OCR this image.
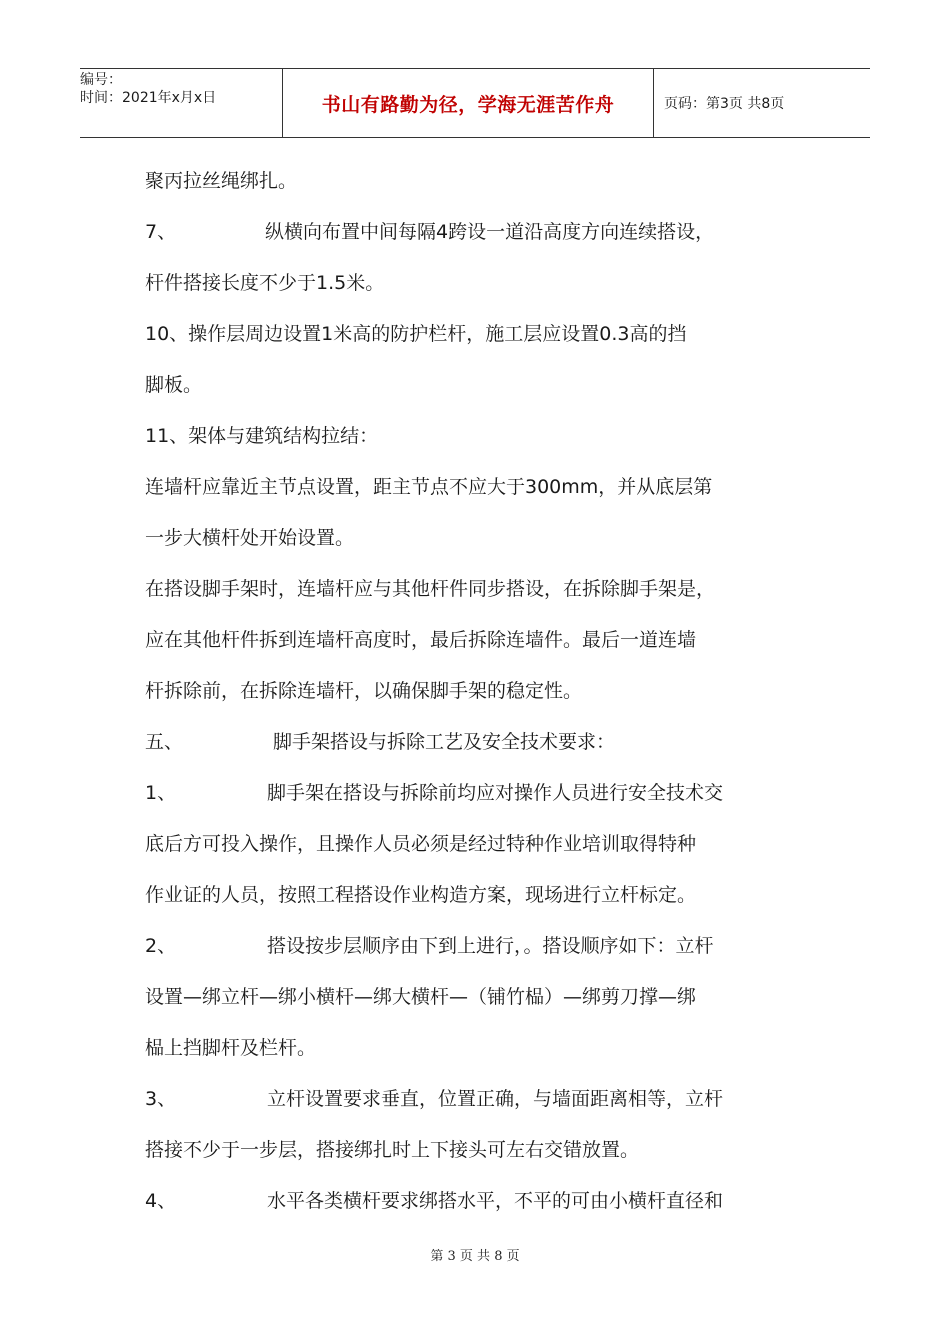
编号：
时间：2021年x月x日	书山有路勤为径，学海无涯苦作舟	页码：第3页 共8页
聚丙拉丝绳绑扎。
7、	纵横向布置中间每隔4跨设一道沿高度方向连续搭设，
杆件搭接长度不少于1.5米。
10、操作层周边设置1米高的防护栏杆，施工层应设置0.3高的挡
脚板。
11、架体与建筑结构拉结：
连墙杆应靠近主节点设置，距主节点不应大于300mm，并从底层第
一步大横杆处开始设置。
在搭设脚手架时，连墙杆应与其他杆件同步搭设，在拆除脚手架是，
应在其他杆件拆到连墙杆高度时，最后拆除连墙件。最后一道连墙
杆拆除前，在拆除连墙杆，以确保脚手架的稳定性。
五、	脚手架搭设与拆除工艺及安全技术要求：
1、	脚手架在搭设与拆除前均应对操作人员进行安全技术交
底后方可投入操作，且操作人员必须是经过特种作业培训取得特种
作业证的人员，按照工程搭设作业构造方案，现场进行立杆标定。
2、	搭设按步层顺序由下到上进行，。搭设顺序如下：立杆
设置—绑立杆—绑小横杆—绑大横杆—（铺竹榀）—绑剪刀撑—绑
榀上挡脚杆及栏杆。
3、	立杆设置要求垂直，位置正确，与墙面距离相等，立杆
搭接不少于一步层，搭接绑扎时上下接头可左右交错放置。
4、	水平各类横杆要求绑搭水平，不平的可由小横杆直径和
第 3 页 共 8 页
